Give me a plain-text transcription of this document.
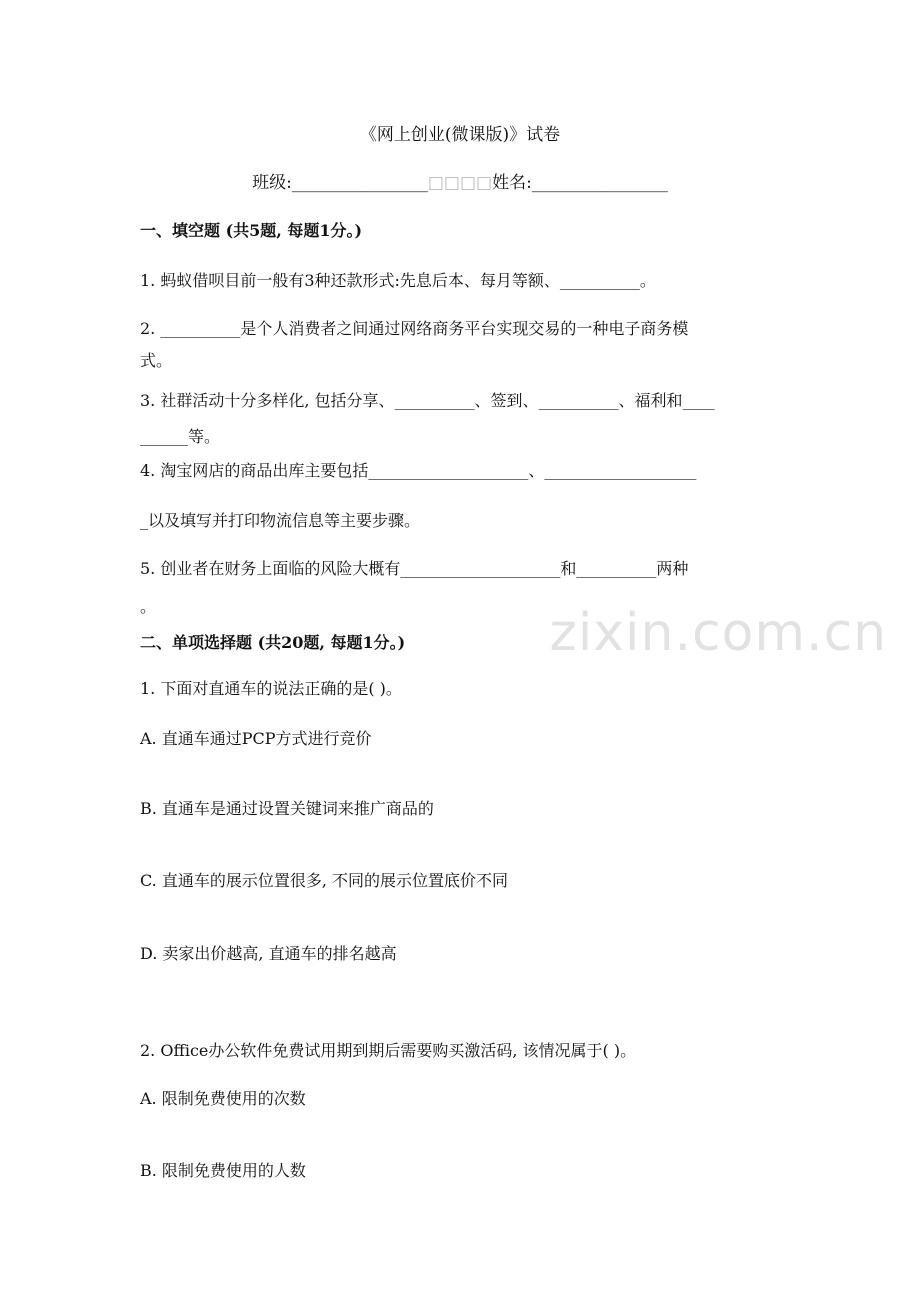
《网上创业(微课版)》试卷
班级:________________□□□□姓名:________________
一、填空题 (共5题, 每题1分。)
1. 蚂蚁借呗目前一般有3种还款形式:先息后本、每月等额、__________。
2. __________是个人消费者之间通过网络商务平台实现交易的一种电子商务模
式。
3. 社群活动十分多样化, 包括分享、__________、签到、__________、福利和____
______等。
4. 淘宝网店的商品出库主要包括____________________、___________________
_以及填写并打印物流信息等主要步骤。
5. 创业者在财务上面临的风险大概有____________________和__________两种
。
二、单项选择题 (共20题, 每题1分。)
1. 下面对直通车的说法正确的是( )。
A. 直通车通过PCP方式进行竞价
B. 直通车是通过设置关键词来推广商品的
C. 直通车的展示位置很多, 不同的展示位置底价不同
D. 卖家出价越高, 直通车的排名越高
2. Office办公软件免费试用期到期后需要购买激活码, 该情况属于( )。
A. 限制免费使用的次数
B. 限制免费使用的人数
zixin.com.cn
